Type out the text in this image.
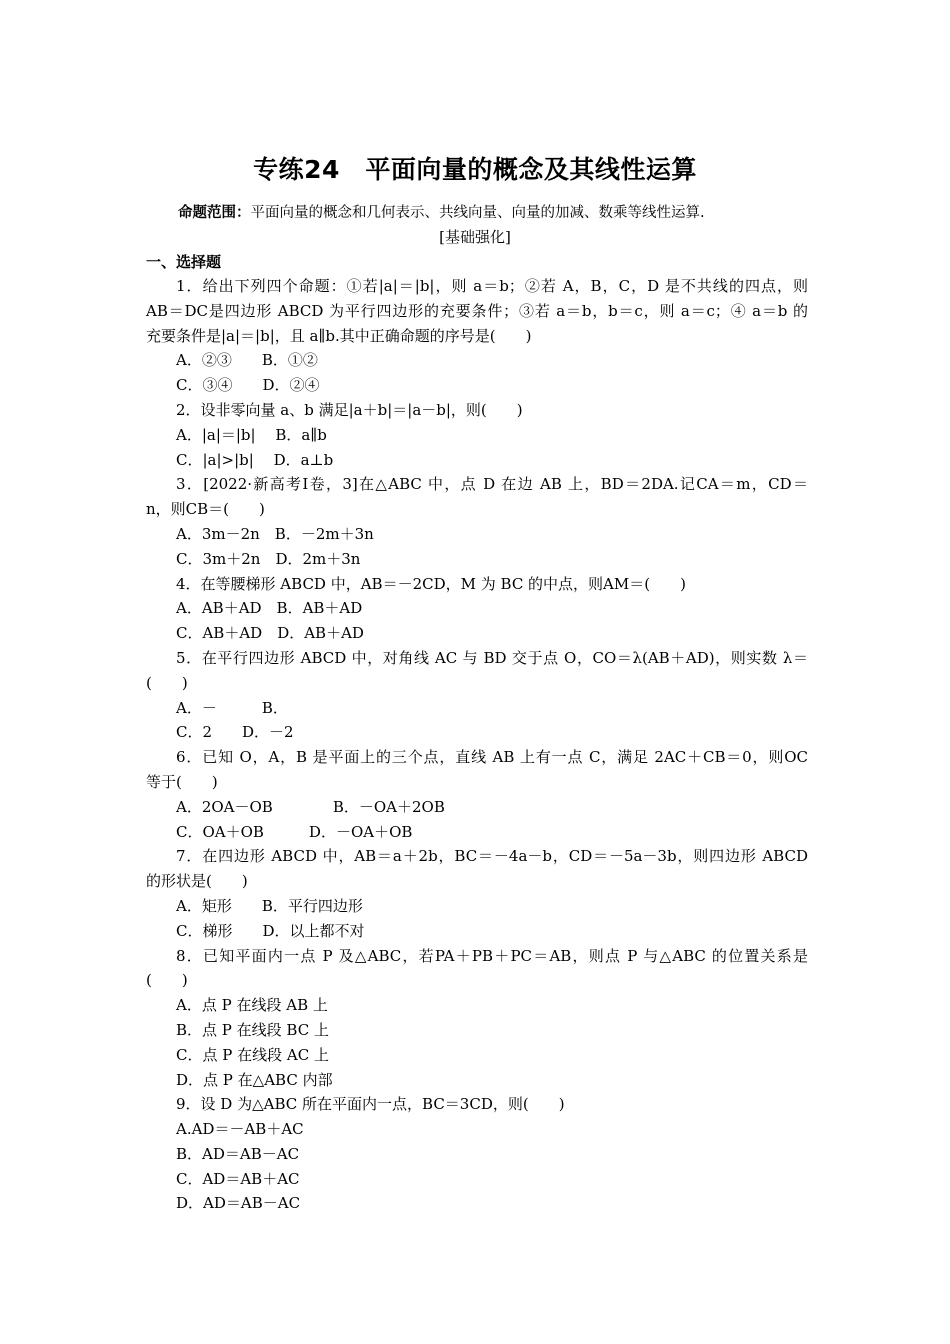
专练24　平面向量的概念及其线性运算
命题范围：平面向量的概念和几何表示、共线向量、向量的加减、数乘等线性运算.
[基础强化]
一、选择题
1．给出下列四个命题：①若|a|＝|b|，则 a＝b；②若 A，B，C，D 是不共线的四点，则
AB＝DC是四边形 ABCD 为平行四边形的充要条件；③若 a＝b，b＝c，则 a＝c；④ a＝b 的
充要条件是|a|＝|b|，且 a∥b.其中正确命题的序号是(　　)
A．②③　　B．①②
C．③④　　D．②④
2．设非零向量 a、b 满足|a＋b|＝|a－b|，则(　　)
A．|a|＝|b|　 B．a∥b
C．|a|>|b|　 D．a⊥b
3．[2022·新高考Ⅰ卷，3]在△ABC 中，点 D 在边 AB 上，BD＝2DA.记CA＝m，CD＝
n，则CB＝(　　)
A．3m－2n　B．－2m＋3n
C．3m＋2n　D．2m＋3n
4．在等腰梯形 ABCD 中，AB＝－2CD，M 为 BC 的中点，则AM＝(　　)
A．AB＋AD　B．AB＋AD
C．AB＋AD　D．AB＋AD
5．在平行四边形 ABCD 中，对角线 AC 与 BD 交于点 O，CO＝λ(AB＋AD)，则实数 λ＝
(　　)
A．－　　　B．
C．2　　D．－2
6．已知 O，A，B 是平面上的三个点，直线 AB 上有一点 C，满足 2AC＋CB＝0，则OC
等于(　　)
A．2OA－OB　　　　B．－OA＋2OB
C．OA＋OB　　　D．－OA＋OB
7．在四边形 ABCD 中，AB＝a＋2b，BC＝－4a－b，CD＝－5a－3b，则四边形 ABCD
的形状是(　　)
A．矩形　　B．平行四边形
C．梯形　　D．以上都不对
8．已知平面内一点 P 及△ABC，若PA＋PB＋PC＝AB，则点 P 与△ABC 的位置关系是
(　　)
A．点 P 在线段 AB 上
B．点 P 在线段 BC 上
C．点 P 在线段 AC 上
D．点 P 在△ABC 内部
9．设 D 为△ABC 所在平面内一点，BC＝3CD，则(　　)
A.AD＝－AB＋AC
B．AD＝AB－AC
C．AD＝AB＋AC
D．AD＝AB－AC
